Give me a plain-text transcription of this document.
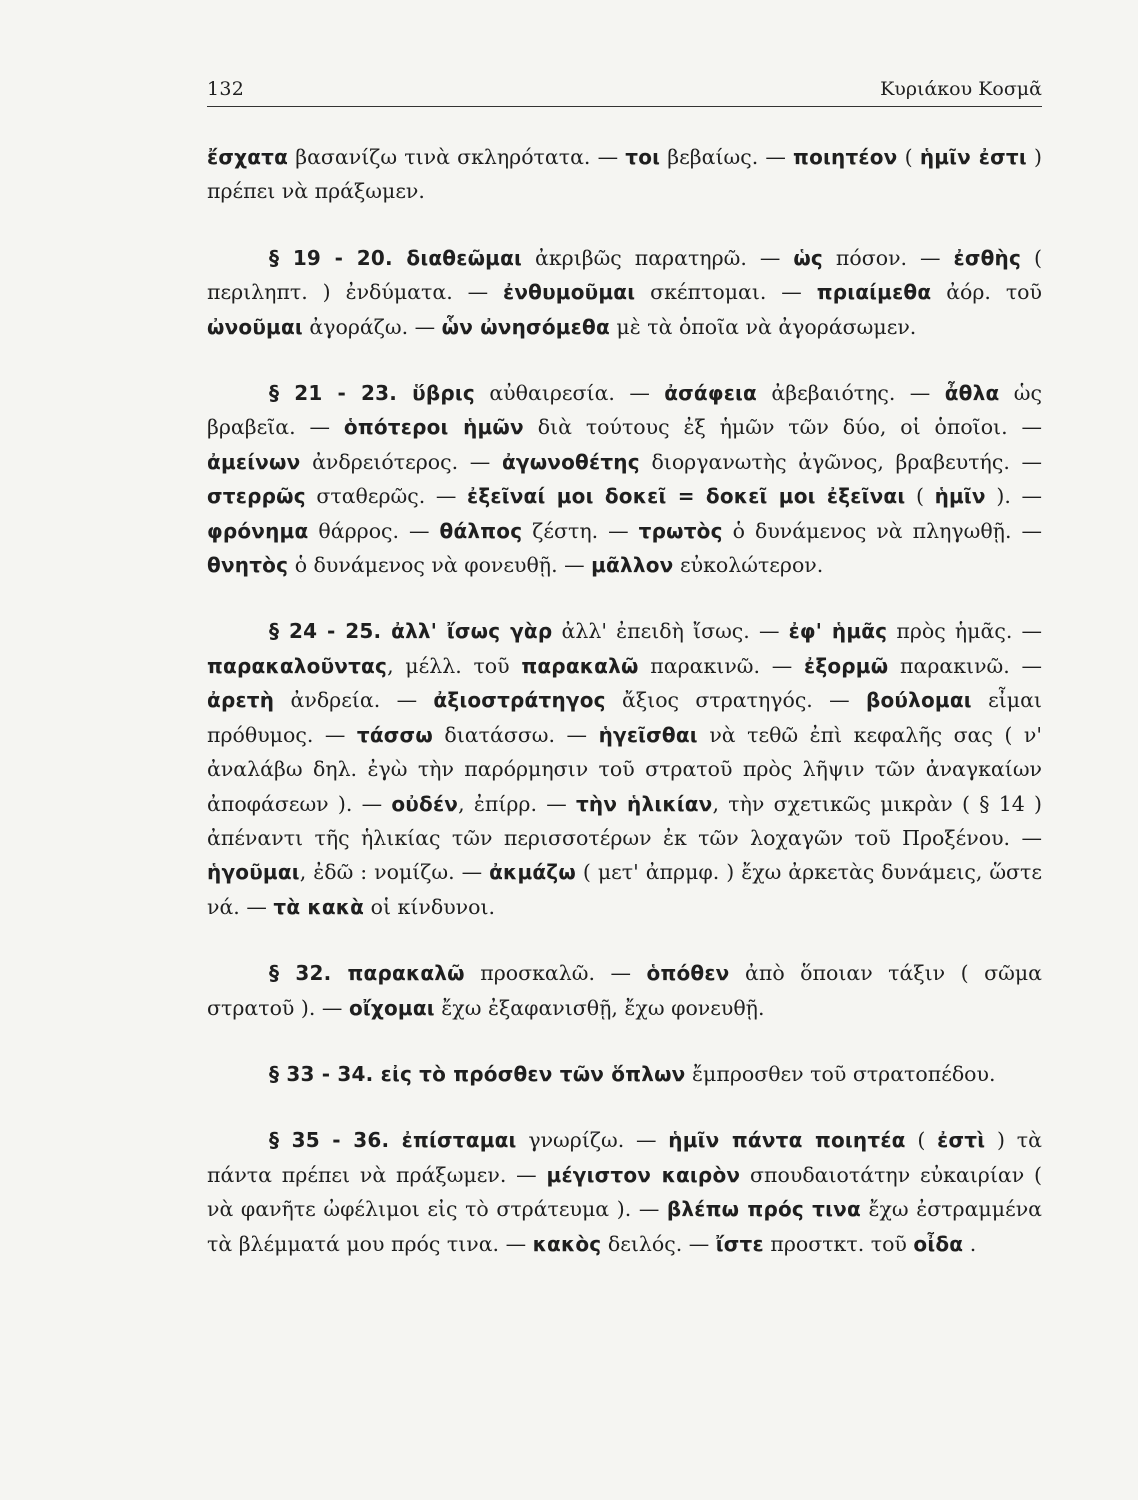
132	Κυριάκου Κοσμᾶ

ἔσχατα βασανίζω τινὰ σκληρότατα. — τοι βεβαίως. — ποιητέον ( ἡμῖν ἐστι ) πρέπει νὰ πράξωμεν.

§ 19 - 20. διαθεῶμαι ἀκριβῶς παρατηρῶ. — ὡς πόσον. — ἐσθὴς ( περιληπτ. ) ἐνδύματα. — ἐνθυμοῦμαι σκέπτομαι. — πριαίμεθα ἀόρ. τοῦ ὠνοῦμαι ἀγοράζω. — ὧν ὠνησόμεθα μὲ τὰ ὁποῖα νὰ ἀγοράσωμεν.

§ 21 - 23. ὕβρις αὐθαιρεσία. — ἀσάφεια ἀβεβαιότης. — ἆθλα ὡς βραβεῖα. — ὁπότεροι ἡμῶν διὰ τούτους ἐξ ἡμῶν τῶν δύο, οἱ ὁποῖοι. — ἀμείνων ἀνδρειότερος. — ἀγωνοθέτης διοργανωτὴς ἀγῶνος, βραβευτής. — στερρῶς σταθερῶς. — ἐξεῖναί μοι δοκεῖ = δοκεῖ μοι ἐξεῖναι ( ἡμῖν ). — φρόνημα θάρρος. — θάλπος ζέστη. — τρωτὸς ὁ δυνάμενος νὰ πληγωθῇ. — θνητὸς ὁ δυνάμενος νὰ φονευθῇ. — μᾶλλον εὐκολώτερον.

§ 24 - 25. ἀλλ' ἴσως γὰρ ἀλλ' ἐπειδὴ ἴσως. — ἐφ' ἡμᾶς πρὸς ἡμᾶς. — παρακαλοῦντας, μέλλ. τοῦ παρακαλῶ παρακινῶ. — ἐξορμῶ παρακινῶ. — ἀρετὴ ἀνδρεία. — ἀξιοστράτηγος ἄξιος στρατηγός. — βούλομαι εἶμαι πρόθυμος. — τάσσω διατάσσω. — ἡγεῖσθαι νὰ τεθῶ ἐπὶ κεφαλῆς σας ( ν' ἀναλάβω δηλ. ἐγὼ τὴν παρόρμησιν τοῦ στρατοῦ πρὸς λῆψιν τῶν ἀναγκαίων ἀποφάσεων ). — οὐδέν, ἐπίρρ. — τὴν ἡλικίαν, τὴν σχετικῶς μικρὰν ( § 14 ) ἀπέναντι τῆς ἡλικίας τῶν περισσοτέρων ἐκ τῶν λοχαγῶν τοῦ Προξένου. — ἡγοῦμαι, ἐδῶ : νομίζω. — ἀκμάζω ( μετ' ἀπρμφ. ) ἔχω ἀρκετὰς δυνάμεις, ὥστε νά. — τὰ κακὰ οἱ κίνδυνοι.

§ 32. παρακαλῶ προσκαλῶ. — ὁπόθεν ἀπὸ ὅποιαν τάξιν ( σῶμα στρατοῦ ). — οἴχομαι ἔχω ἐξαφανισθῇ, ἔχω φονευθῇ.

§ 33 - 34. εἰς τὸ πρόσθεν τῶν ὅπλων ἔμπροσθεν τοῦ στρατοπέδου.

§ 35 - 36. ἐπίσταμαι γνωρίζω. — ἡμῖν πάντα ποιητέα ( ἐστὶ ) τὰ πάντα πρέπει νὰ πράξωμεν. — μέγιστον καιρὸν σπουδαιοτάτην εὐκαιρίαν ( νὰ φανῆτε ὠφέλιμοι εἰς τὸ στράτευμα ). — βλέπω πρός τινα ἔχω ἐστραμμένα τὰ βλέμματά μου πρός τινα. — κακὸς δειλός. — ἴστε προστκτ. τοῦ οἶδα .
